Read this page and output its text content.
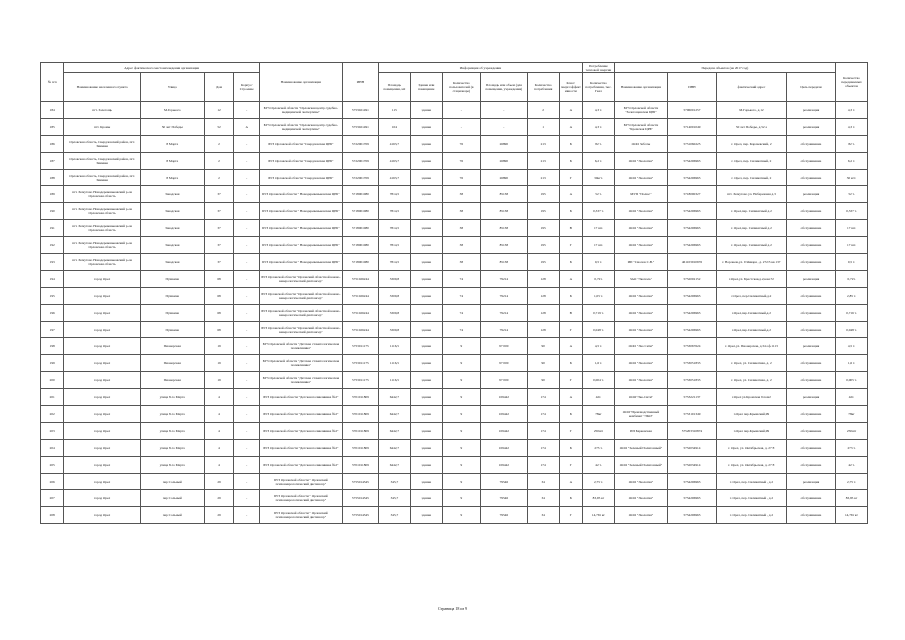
№ п/п	Адрес фактического местонахождения организации				Наименование организации	ИНН	Информация об учреждении						Потребление тепловой энергии	Передача объектов (на 2017 год)				Количество передаваемых объектов
	Наименование населенного пункта	Улица	Дом	Корпус/Строение			Площадь помещения, м2	Здание или помещение	Количество пользователей (в стационаре)	Площадь или объем (для помещения, учреждения)	Количество потребления	Класс энергоэффективности	Количество потребления, тыс. Гкал	Наименование организации	ИНН	фактический адрес	Цель передачи	
184	пгт. Залегощь	М.Горького	12	-	БУЗ Орловской области "Орловская центр судебно-медицинской экспертизы"	5753021491	115	здание	-	-	2	А	4,3 т.	БУЗ Орловской области "Залегощенская ЦРБ"	5706001257	М.Горького, д.12	реализация	4,3 т.
185	пгт. Кромы	50 лет Победы	52	А	БУЗ Орловской области "Орловская центр судебно-медицинской экспертизы"	5753021491	104	здание	-	-	1	А	4,3 т.	БУЗ Орловской области "Кромская ЦРБ"	5714001049	50 лет Победы, д.52 а	реализация	4,3 т.
186	Орловская область, Свердловский район, пгт. Змиевка	8 Марта	2	-	БУЗ Орловской области "Свердловская ЦРБ"	5722001709	4163,7	здание	76	26890	213	Б	82 т.	ООО Заботы	5751060225	г. Орел, пер. Карачевский, 2	обслуживание	82 т.
187	Орловская область, Свердловский район, пгт. Змиевка	8 Марта	2	-	БУЗ Орловской области "Свердловская ЦРБ"	5722001709	4163,7	здание	76	26890	213	Б	6,2 т.	ООО "Экология"	5754206963	г. Орел, пер. Силикатный, 2	обслуживание	6,2 т.
188	Орловская область, Свердловский район, пгт. Змиевка	8 Марта	2	-	БУЗ Орловской области "Свердловская ЦРБ"	5722001709	4163,7	здание	76	26890	213	Г	30кгт.	ООО "Экология"	5754206963	г. Орел, пер. Силикатный, 2	обслуживание	30 кгт.
189	пгт. Хомутово Новодеревеньковский р-он Орловская область	Заводская	37	-	БУЗ Орловской области " Новодеревеньковская ЦРБ"	5718001080	7814,5	здание	38	85138	195	А	52 т.	МУП "Полюс"	5718090327	пгт. Хомутово ул. Набережная д.3	реализация	52 т.
190	пгт. Хомутово Новодеревеньковский р-он Орловская область	Заводская	37	-	БУЗ Орловской области " Новодеревеньковская ЦРБ"	5718001080	7814,5	здание	38	85138	195	Б	0,337 т.	ООО "Экология"	5754206963	г. Орел,пер. Силикатный д.2	обслуживание	0,337 т.
191	пгт. Хомутово Новодеревеньковский р-он Орловская область	Заводская	37	-	БУЗ Орловской области " Новодеревеньковская ЦРБ"	5718001080	7814,5	здание	38	85138	195	В	17 шт.	ООО "Экология"	5754206963	г. Орел,пер. Силикатный д.2	обслуживание	17 шт.
192	пгт. Хомутово Новодеревеньковский р-он Орловская область	Заводская	37	-	БУЗ Орловской области " Новодеревеньковская ЦРБ"	5718001080	7814,5	здание	38	85138	195	Г	17 шт.	ООО "Экология"	5754206963	г. Орел,пер. Силикатный д.2	обслуживание	17 шт.
193	пгт. Хомутово Новодеревеньковский р-он Орловская область	Заводская	37	-	БУЗ Орловской области " Новодеревеньковская ЦРБ"	5718001080	7814,5	здание	38	85138	195	Б	0,5 т.	ИП "Смолов С.В."	461103910676	г. Воронеж,ул. 9 Января , д. 272/3 кв 137	обслуживание	0,5 т.
194	город Орел	Пушкина	68	-	БУЗ Орловской области "Орловский областной кожно-венерологический диспансер"	5751026244	3309,8	здание	74	79214	128	А	0,72т.	ЗАО "Экополь"	5752002152	г.Орел,ул. Брестская,д.2,ком.72	реализация	0,72т.
195	город Орел	Пушкина	68	-	БУЗ Орловской области "Орловский областной кожно-венерологический диспансер"	5751026244	3309,8	здание	74	79214	128	Б	1,05 т.	ООО "Экология"	5754206963	г.Орел, пер.Силикатный,д.2	обслуживание	2,85 т.
196	город Орел	Пушкина	68	-	БУЗ Орловской области "Орловский областной кожно-венерологический диспансер"	5751026244	3309,8	здание	74	79214	128	В	0,719 т.	ООО "Экология"	5754206963	г.Орел,пер.Силикатный,д.2	обслуживание	0,716 т.
197	город Орел	Пушкина	68	-	БУЗ Орловской области "Орловский областной кожно-венерологический диспансер"	5751026244	3309,8	здание	74	79214	128	Г	0,048 т.	ООО "Экология"	5754206963	г.Орел,пер.Силикатный,д.2	обслуживание	0,048 т.
198	город Орел	Пионерская	19	-	БУЗ Орловской области "Детская стоматологическая поликлиника"	5753011175	1116,5	здание	9	97 000	90	А	4,5 т.	ООО "Эко Сити"	5753067624	г. Орел,ул. Пионерская, д.34 оф.1113	реализация	4,5 т.
199	город Орел	Пионерская	19	-	БУЗ Орловской области "Детская стоматологическая поликлиника"	5753011175	1116,5	здание	9	97 000	90	Б	1,6 т.	ООО "Экология"	5753051833	г. Орел, ул. Силикатная, д. 2	обслуживание	1,6 т.
200	город Орел	Пионерская	19	-	БУЗ Орловской области "Детская стоматологическая поликлиника"	5753011175	1116,5	здание	9	97 000	90	Г	0,004 т.	ООО "Экология"	5753051833	г. Орел, ул. Силикатная, д. 2	обслуживание	0,005 т.
201	город Орел	улица 8-го Марта	4	-	БУЗ Орловской области "Детская поликлиника №2"	5701011809	6442,7	здание	9	109442	174	А	42т.	ООО"Эко-Сити"	5753221137	г.Орел ул.Кромская 9 пом2	реализация	42т.
202	город Орел	улица 8-го Марта	4	-	БУЗ Орловской области "Детская поликлиника №2"	5701011809	6442,7	здание	9	109442	174	Б	78кг	ООО"Производственный комбинат "ЭКО"	5753101349	г.Орел пер.Крымский,99	обслуживание	78кг
203	город Орел	улица 8-го Марта	4	-	БУЗ Орловской области "Детская поликлиника №2"	5701011809	6442,7	здание	9	109442	174	Г	250шт	ИП Барковская	575203310874	г.Орел пер.Крымский,99	обслуживание	250шт
204	город Орел	улица 8-го Марта	4	-	БУЗ Орловской области "Детская поликлиника №2"	5701011809	6442,7	здание	9	109442	174	Б	273 т.	ООО "Зеленый Полигонный"	5752034914	г. Орел, ул. Октябрьская, д. 27 Е	обслуживание	273 т.
205	город Орел	улица 8-го Марта	4	-	БУЗ Орловской области "Детская поликлиника №2"	5701011809	6442,7	здание	9	109442	174	Г	42 т.	ООО "Зеленый Полигонный"	5752034914	г. Орел, ул. Октябрьская, д. 27 Е	обслуживание	42 т.
206	город Орел	пер Сольный	29	-	БУЗ Орловской области " Орловский психоневрологический диспансер"	5755014345	345,7	здание	9	79546	34	А	2,75 т.	ООО "Экология"	5754206963	г. Орел, пер. Силикатный , д.2	реализация	2,75 т.
207	город Орел	пер Сольный	29	-	БУЗ Орловской области " Орловский психоневрологический диспансер"	5755014345	345,7	здание	9	79546	34	Б	83,95 кг	ООО "Экология"	5754206963	г. Орел, пер. Силикатный , д.2	обслуживание	83,95 кг
208	город Орел	пер Сольный	29	-	БУЗ Орловской области " Орловский психоневрологический диспансер"	5755014345	345,7	здание	9	79546	34	Г	14,76т кг	ООО "Экология"	5754206963	г. Орел, пер. Силикатный , д.2	обслуживание	14,76т кг
Страница 18 из 9
